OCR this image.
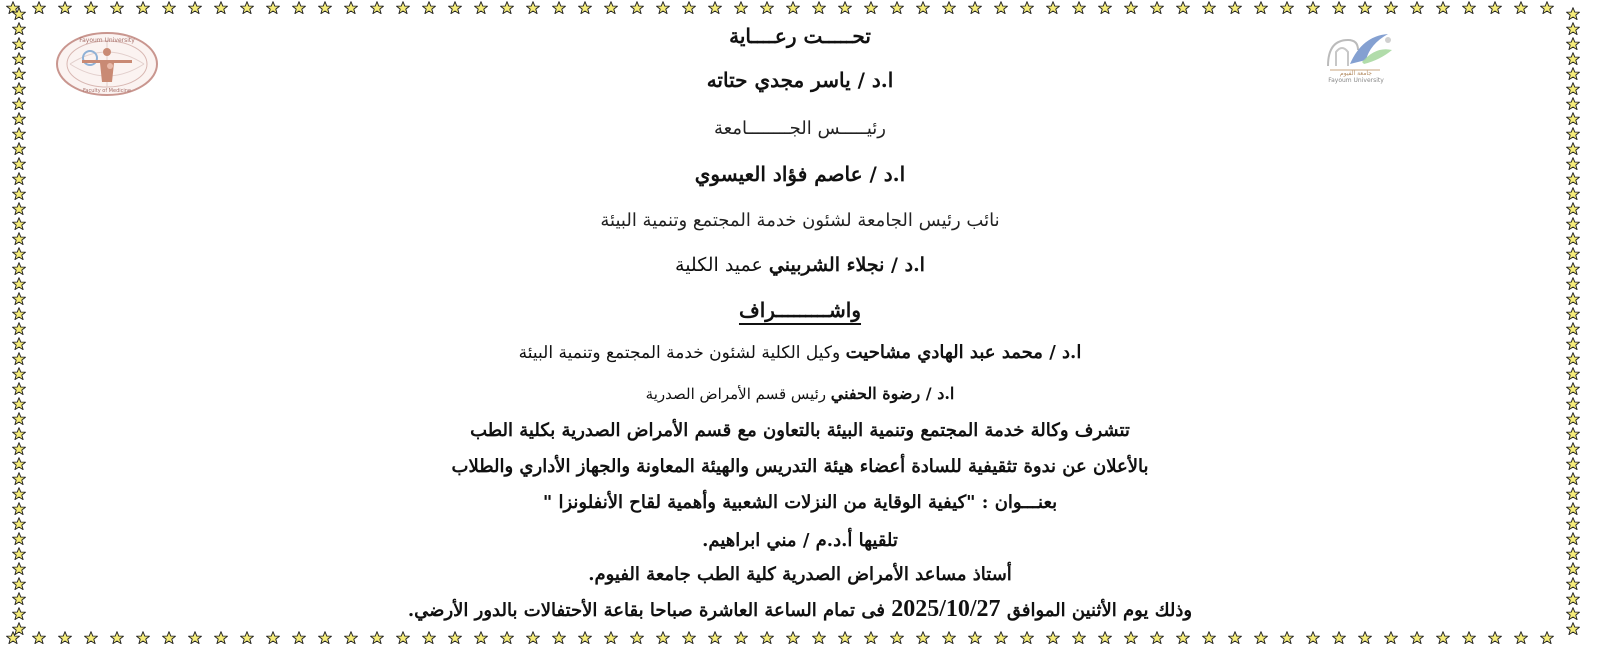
Fayoum University
Faculty of Medicine
جامعة الفيوم
Fayoum University
تحـــــت رعــــاية
ا.د / ياسر مجدي حتاته
رئيـــــس الجــــــــامعة
ا.د / عاصم فؤاد العيسوي
نائب رئيس الجامعة لشئون خدمة المجتمع وتنمية البيئة
ا.د / نجلاء الشربيني عميد الكلية
واشـــــــــراف
ا.د / محمد عبد الهادي مشاحيت وكيل الكلية لشئون خدمة المجتمع وتنمية البيئة
ا.د / رضوة الحفني رئيس قسم الأمراض الصدرية
تتشرف وكالة خدمة المجتمع وتنمية البيئة بالتعاون مع قسم الأمراض الصدرية بكلية الطب
بالأعلان عن ندوة تثقيفية للسادة أعضاء هيئة التدريس والهيئة المعاونة والجهاز الأداري والطلاب
بعنـــوان : "كيفية الوقاية من النزلات الشعبية وأهمية لقاح الأنفلونزا "
تلقيها أ.د.م / مني ابراهيم.
أستاذ مساعد الأمراض الصدرية كلية الطب جامعة الفيوم.
وذلك يوم الأثنين الموافق 2025/10/27 فى تمام الساعة العاشرة صباحا بقاعة الأحتفالات بالدور الأرضي.
